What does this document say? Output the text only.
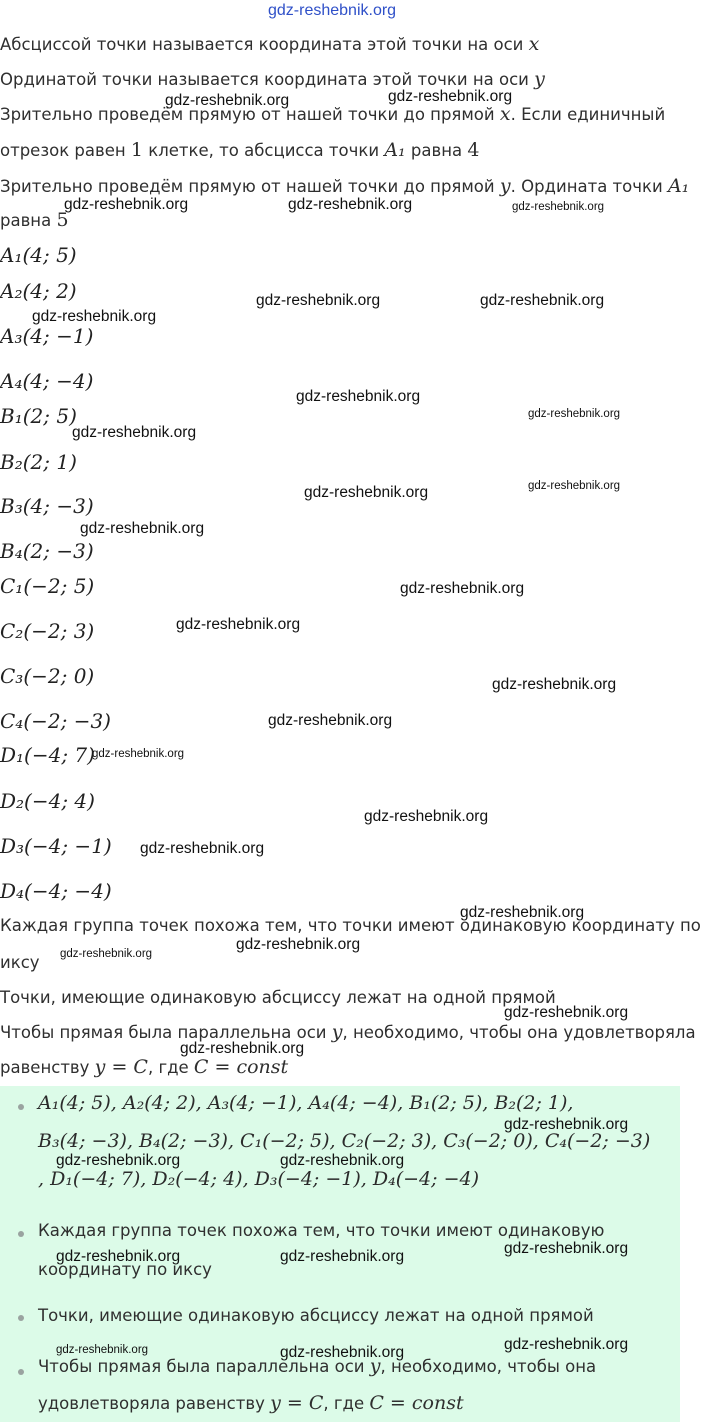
gdz-reshebnik.org
Абсциссой точки называется координата этой точки на оси x
Ординатой точки называется координата этой точки на оси y
Зрительно проведём прямую от нашей точки до прямой x. Если единичный
отрезок равен 1 клетке, то абсцисса точки A₁ равна 4
Зрительно проведём прямую от нашей точки до прямой y. Ордината точки A₁
равна 5
A₁(4; 5)
A₂(4; 2)
A₃(4; −1)
A₄(4; −4)
B₁(2; 5)
B₂(2; 1)
B₃(4; −3)
B₄(2; −3)
C₁(−2; 5)
C₂(−2; 3)
C₃(−2; 0)
C₄(−2; −3)
D₁(−4; 7)
D₂(−4; 4)
D₃(−4; −1)
D₄(−4; −4)
Каждая группа точек похожа тем, что точки имеют одинаковую координату по
иксу
Точки, имеющие одинаковую абсциссу лежат на одной прямой
Чтобы прямая была параллельна оси y, необходимо, чтобы она удовлетворяла
равенству y = C, где C = const
A₁(4; 5), A₂(4; 2), A₃(4; −1), A₄(4; −4), B₁(2; 5), B₂(2; 1),
B₃(4; −3), B₄(2; −3), C₁(−2; 5), C₂(−2; 3), C₃(−2; 0), C₄(−2; −3)
, D₁(−4; 7), D₂(−4; 4), D₃(−4; −1), D₄(−4; −4)
Каждая группа точек похожа тем, что точки имеют одинаковую
координату по иксу
Точки, имеющие одинаковую абсциссу лежат на одной прямой
Чтобы прямая была параллельна оси y, необходимо, чтобы она
удовлетворяла равенству y = C, где C = const
gdz-reshebnik.org	gdz-reshebnik.org
gdz-reshebnik.org	gdz-reshebnik.org	gdz-reshebnik.org
gdz-reshebnik.org	gdz-reshebnik.org
gdz-reshebnik.org
gdz-reshebnik.org
gdz-reshebnik.org
gdz-reshebnik.org
gdz-reshebnik.org	gdz-reshebnik.org
gdz-reshebnik.org
gdz-reshebnik.org
gdz-reshebnik.org
gdz-reshebnik.org
gdz-reshebnik.org
gdz-reshebnik.org
gdz-reshebnik.org
gdz-reshebnik.org
gdz-reshebnik.org
gdz-reshebnik.org
gdz-reshebnik.org
gdz-reshebnik.org
gdz-reshebnik.org
gdz-reshebnik.org
gdz-reshebnik.org	gdz-reshebnik.org
gdz-reshebnik.org
gdz-reshebnik.org	gdz-reshebnik.org
gdz-reshebnik.org
gdz-reshebnik.org	gdz-reshebnik.org
